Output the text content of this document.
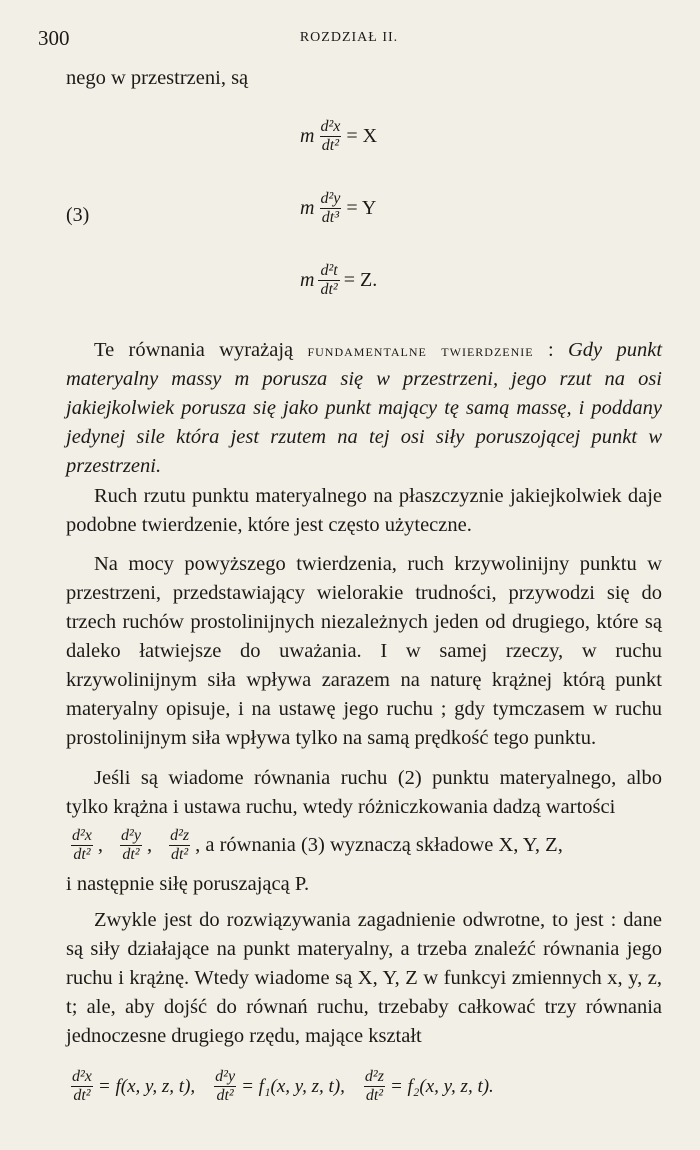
300	ROZDZIAŁ II.
nego w przestrzeni, są
m $\frac{\text{d²x}}{\text{dt²}} = X$
(3)	m $\frac{\text{d²y}}{\text{dt³}} = Y$
m $\frac{\text{d²t}}{\text{dt²}} = Z$.

Te równania wyrażają fundamentalne twierdzenie : Gdy punkt materyalny massy m porusza się w przestrzeni, jego rzut na osi jakiejkolwiek porusza się jako punkt mający tę samą massę, i poddany jedynej sile która jest rzutem na tej osi siły poruszojącej punkt w przestrzeni.

Ruch rzutu punktu materyalnego na płaszczyznie jakiejkolwiek daje podobne twierdzenie, które jest często użyteczne.

Na mocy powyższego twierdzenia, ruch krzywolinijny punktu w przestrzeni, przedstawiający wielorakie trudności, przywodzi się do trzech ruchów prostolinijnych niezależnych jeden od drugiego, które są daleko łatwiejsze do uważania. I w samej rzeczy, w ruchu krzywolinijnym siła wpływa zarazem na naturę krążnej którą punkt materyalny opisuje, i na ustawę jego ruchu ; gdy tymczasem w ruchu prostolinijnym siła wpływa tylko na samą prędkość tego punktu.

Jeśli są wiadome równania ruchu (2) punktu materyalnego, albo tylko krążna i ustawa ruchu, wtedy różniczkowania dadzą wartości

$\frac{\text{d²x}}{\text{dt²}}$ , $\frac{\text{d²y}}{\text{dt²}}$ , $\frac{\text{d²z}}{\text{dt²}}$ , a równania (3) wyznaczą składowe X, Y, Z,
i następnie siłę poruszającą P.

Zwykle jest do rozwiązywania zagadnienie odwrotne, to jest : dane są siły działające na punkt materyalny, a trzeba znaleźć równania jego ruchu i krążnę. Wtedy wiadome są X, Y, Z w funkcyi zmiennych x, y, z, t; ale, aby dojść do równań ruchu, trzebaby całkować trzy równania jednoczesne drugiego rzędu, mające kształt

$\frac{\text{d²x}}{\text{dt²}} = f(x$, y, z, t), $\frac{\text{d²y}}{\text{dt²}} = f_1(x$, y, z, t), $\frac{\text{d²z}}{\text{dt²}} = f_2(x$, y, z, t).
